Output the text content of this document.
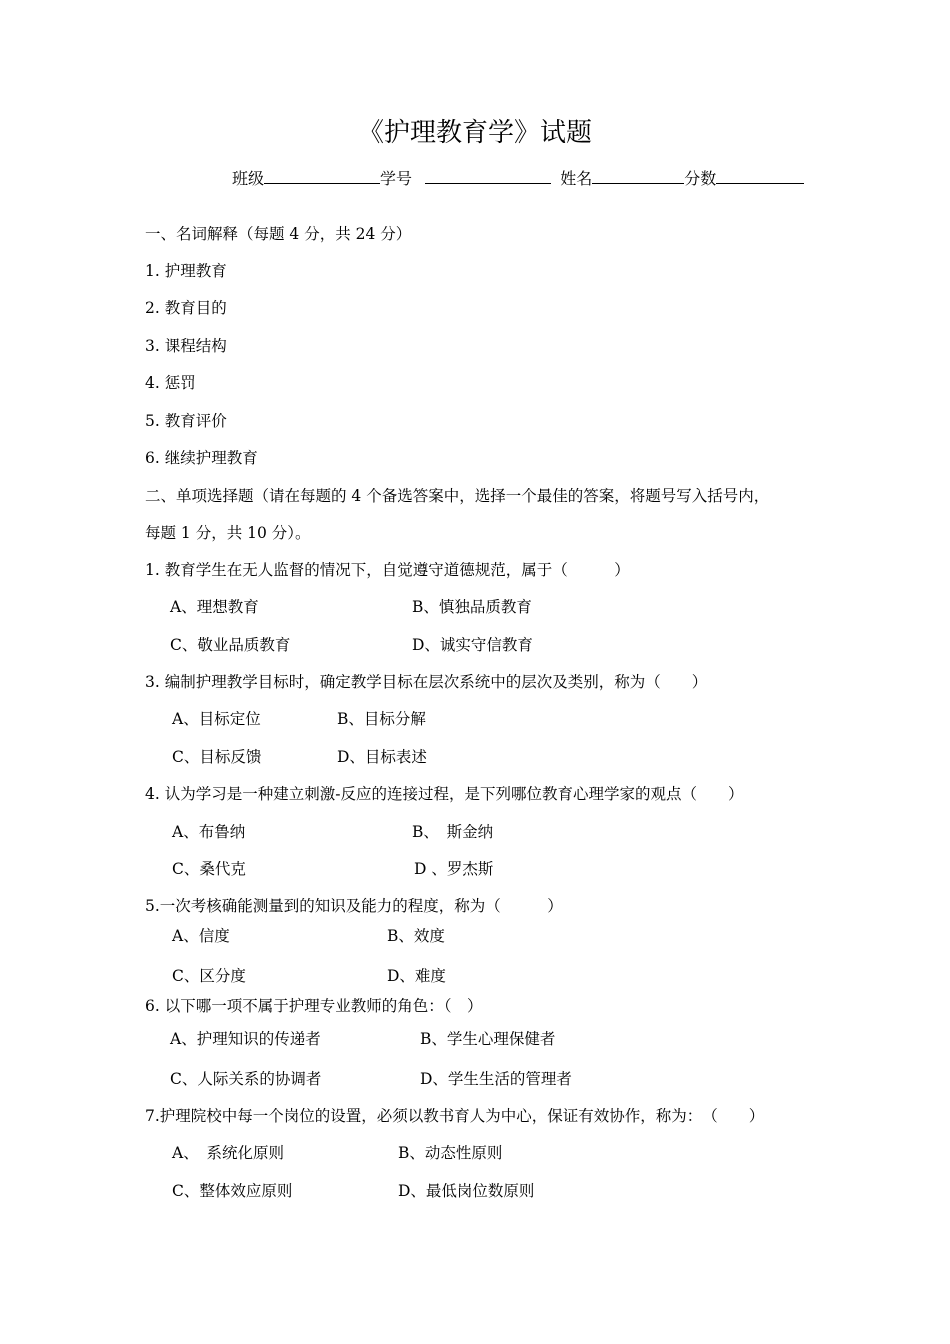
《护理教育学》试题
班级	学号	姓名	分数
一、名词解释（每题 4 分，共 24 分）
1. 护理教育
2. 教育目的
3. 课程结构
4. 惩罚
5. 教育评价
6. 继续护理教育
二、单项选择题（请在每题的 4 个备选答案中，选择一个最佳的答案，将题号写入括号内，
每题 1 分，共 10 分）。
1. 教育学生在无人监督的情况下，自觉遵守道德规范，属于（　　　）
A、理想教育	B、慎独品质教育
C、敬业品质教育	D、诚实守信教育
3. 编制护理教学目标时，确定教学目标在层次系统中的层次及类别，称为（　　）
A、目标定位	B、目标分解
C、目标反馈	D、目标表述
4. 认为学习是一种建立刺激-反应的连接过程，是下列哪位教育心理学家的观点（　　）
A、布鲁纳	B、　斯金纳
C、桑代克	D 、罗杰斯
5.一次考核确能测量到的知识及能力的程度，称为（　　　）
A、信度	B、效度
C、区分度	D、难度
6. 以下哪一项不属于护理专业教师的角色：（　）
A、护理知识的传递者	B、学生心理保健者
C、人际关系的协调者	D、学生生活的管理者
7.护理院校中每一个岗位的设置，必须以教书育人为中心，保证有效协作，称为：　（　　）
A、　系统化原则	B、动态性原则
C、整体效应原则	D、最低岗位数原则
